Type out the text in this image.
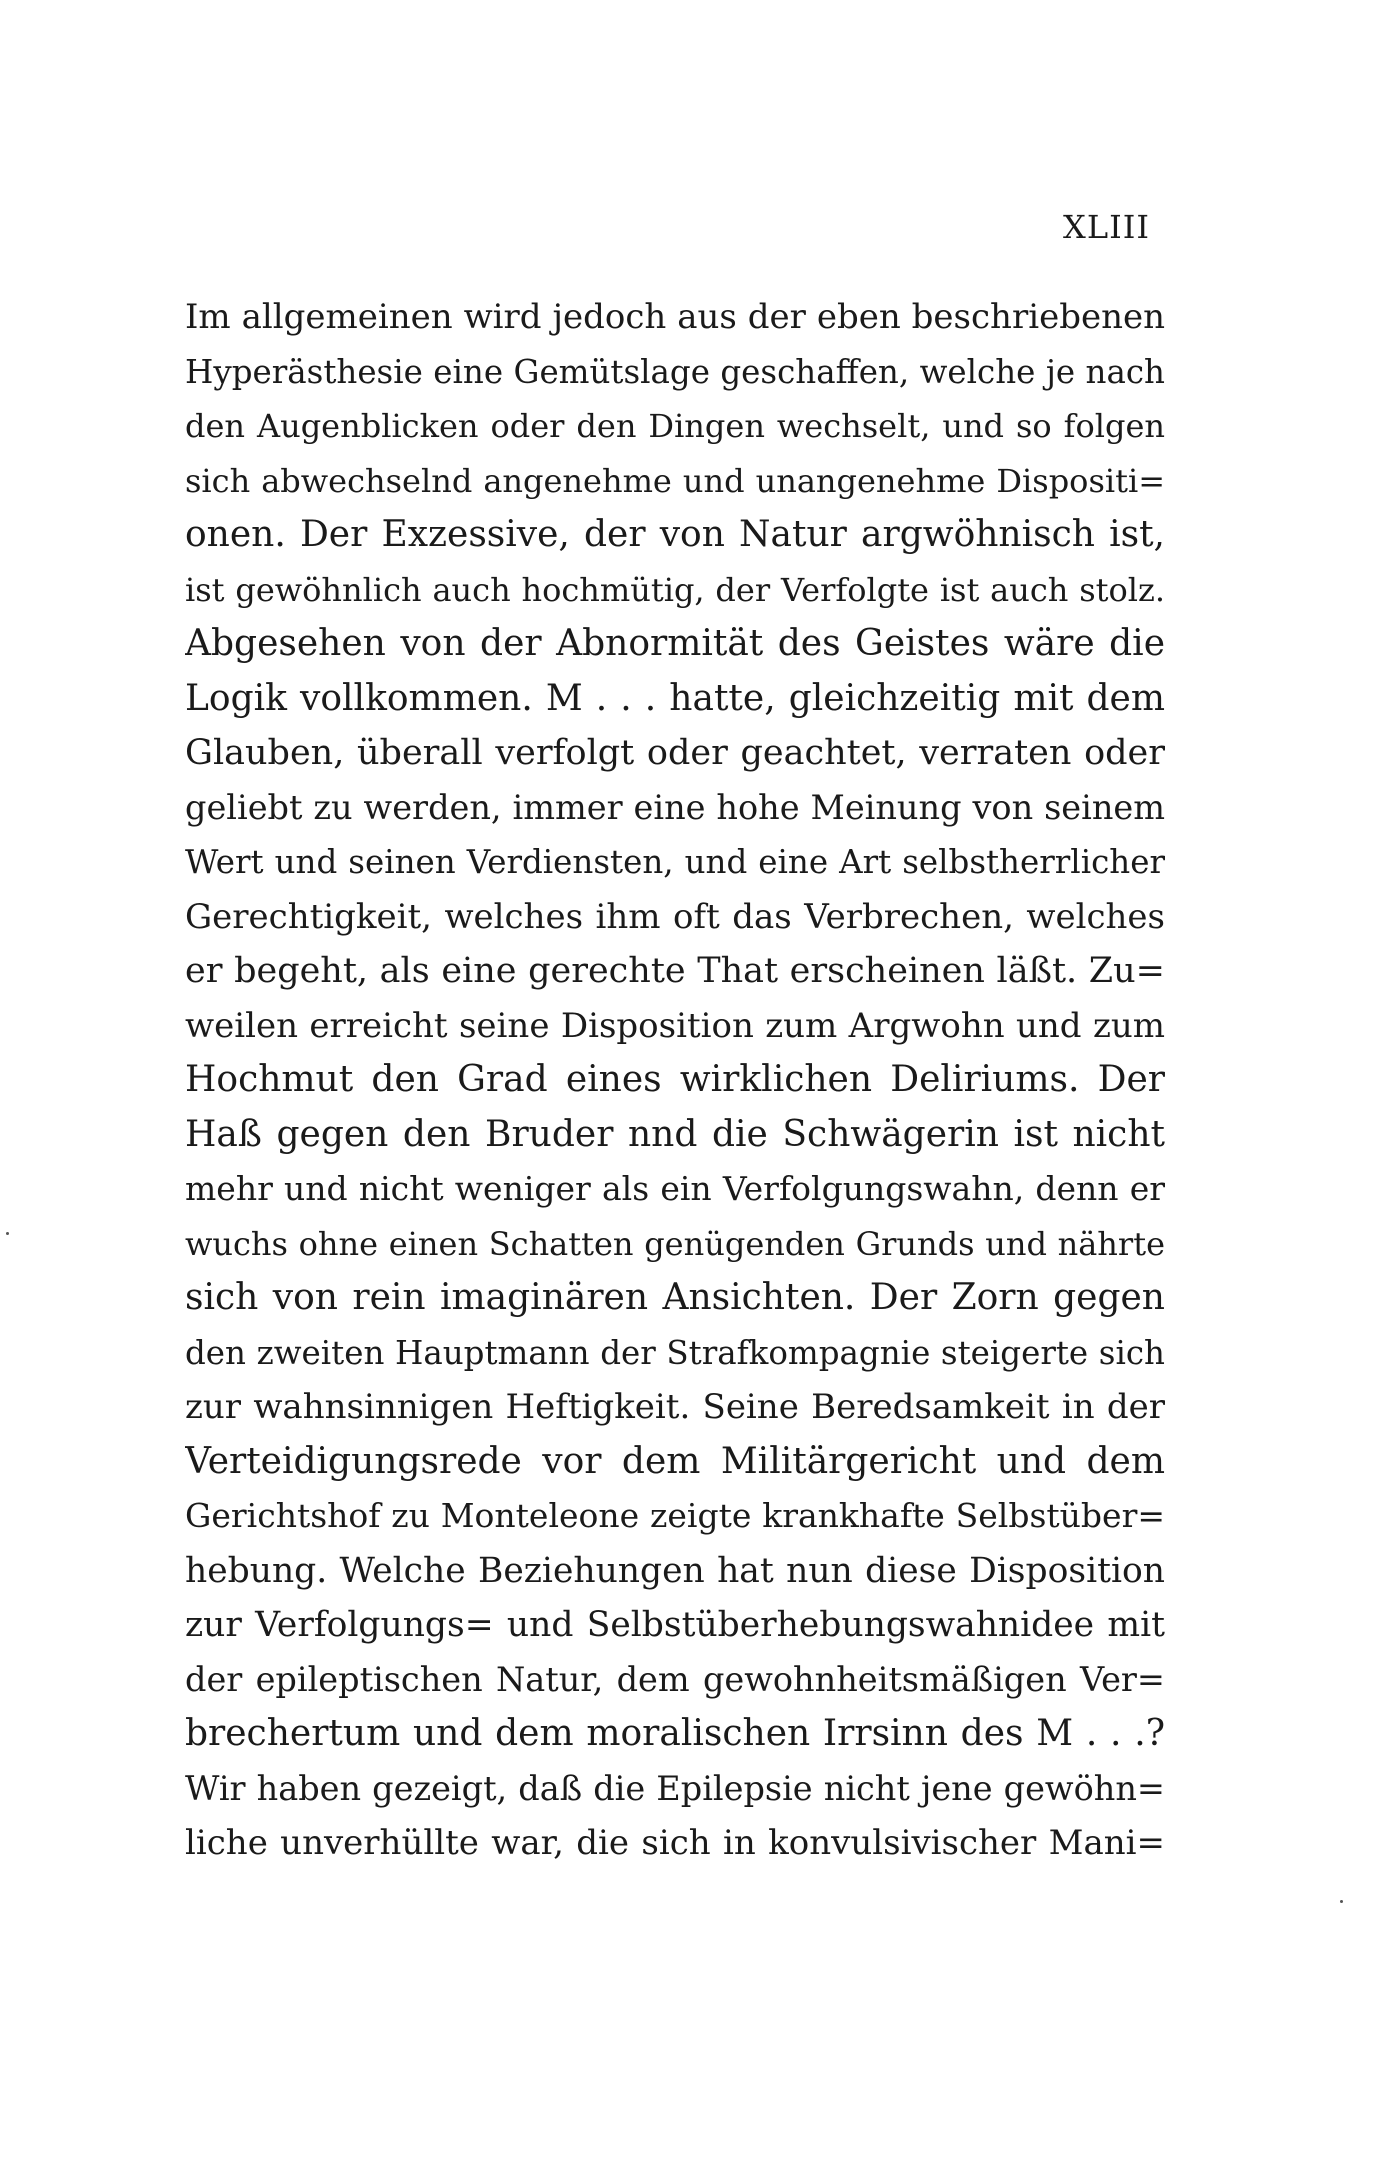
XLIII
Im allgemeinen wird jedoch aus der eben beschriebenen
Hyperästhesie eine Gemütslage geschaffen, welche je nach
den Augenblicken oder den Dingen wechselt, und so folgen
sich abwechselnd angenehme und unangenehme Dispositi=
onen. Der Exzessive, der von Natur argwöhnisch ist,
ist gewöhnlich auch hochmütig, der Verfolgte ist auch stolz.
Abgesehen von der Abnormität des Geistes wäre die
Logik vollkommen. M . . . hatte, gleichzeitig mit dem
Glauben, überall verfolgt oder geachtet, verraten oder
geliebt zu werden, immer eine hohe Meinung von seinem
Wert und seinen Verdiensten, und eine Art selbstherrlicher
Gerechtigkeit, welches ihm oft das Verbrechen, welches
er begeht, als eine gerechte That erscheinen läßt. Zu=
weilen erreicht seine Disposition zum Argwohn und zum
Hochmut den Grad eines wirklichen Deliriums. Der
Haß gegen den Bruder nnd die Schwägerin ist nicht
mehr und nicht weniger als ein Verfolgungswahn, denn er
wuchs ohne einen Schatten genügenden Grunds und nährte
sich von rein imaginären Ansichten. Der Zorn gegen
den zweiten Hauptmann der Strafkompagnie steigerte sich
zur wahnsinnigen Heftigkeit. Seine Beredsamkeit in der
Verteidigungsrede vor dem Militärgericht und dem
Gerichtshof zu Monteleone zeigte krankhafte Selbstüber=
hebung. Welche Beziehungen hat nun diese Disposition
zur Verfolgungs= und Selbstüberhebungswahnidee mit
der epileptischen Natur, dem gewohnheitsmäßigen Ver=
brechertum und dem moralischen Irrsinn des M . . .?
Wir haben gezeigt, daß die Epilepsie nicht jene gewöhn=
liche unverhüllte war, die sich in konvulsivischer Mani=
